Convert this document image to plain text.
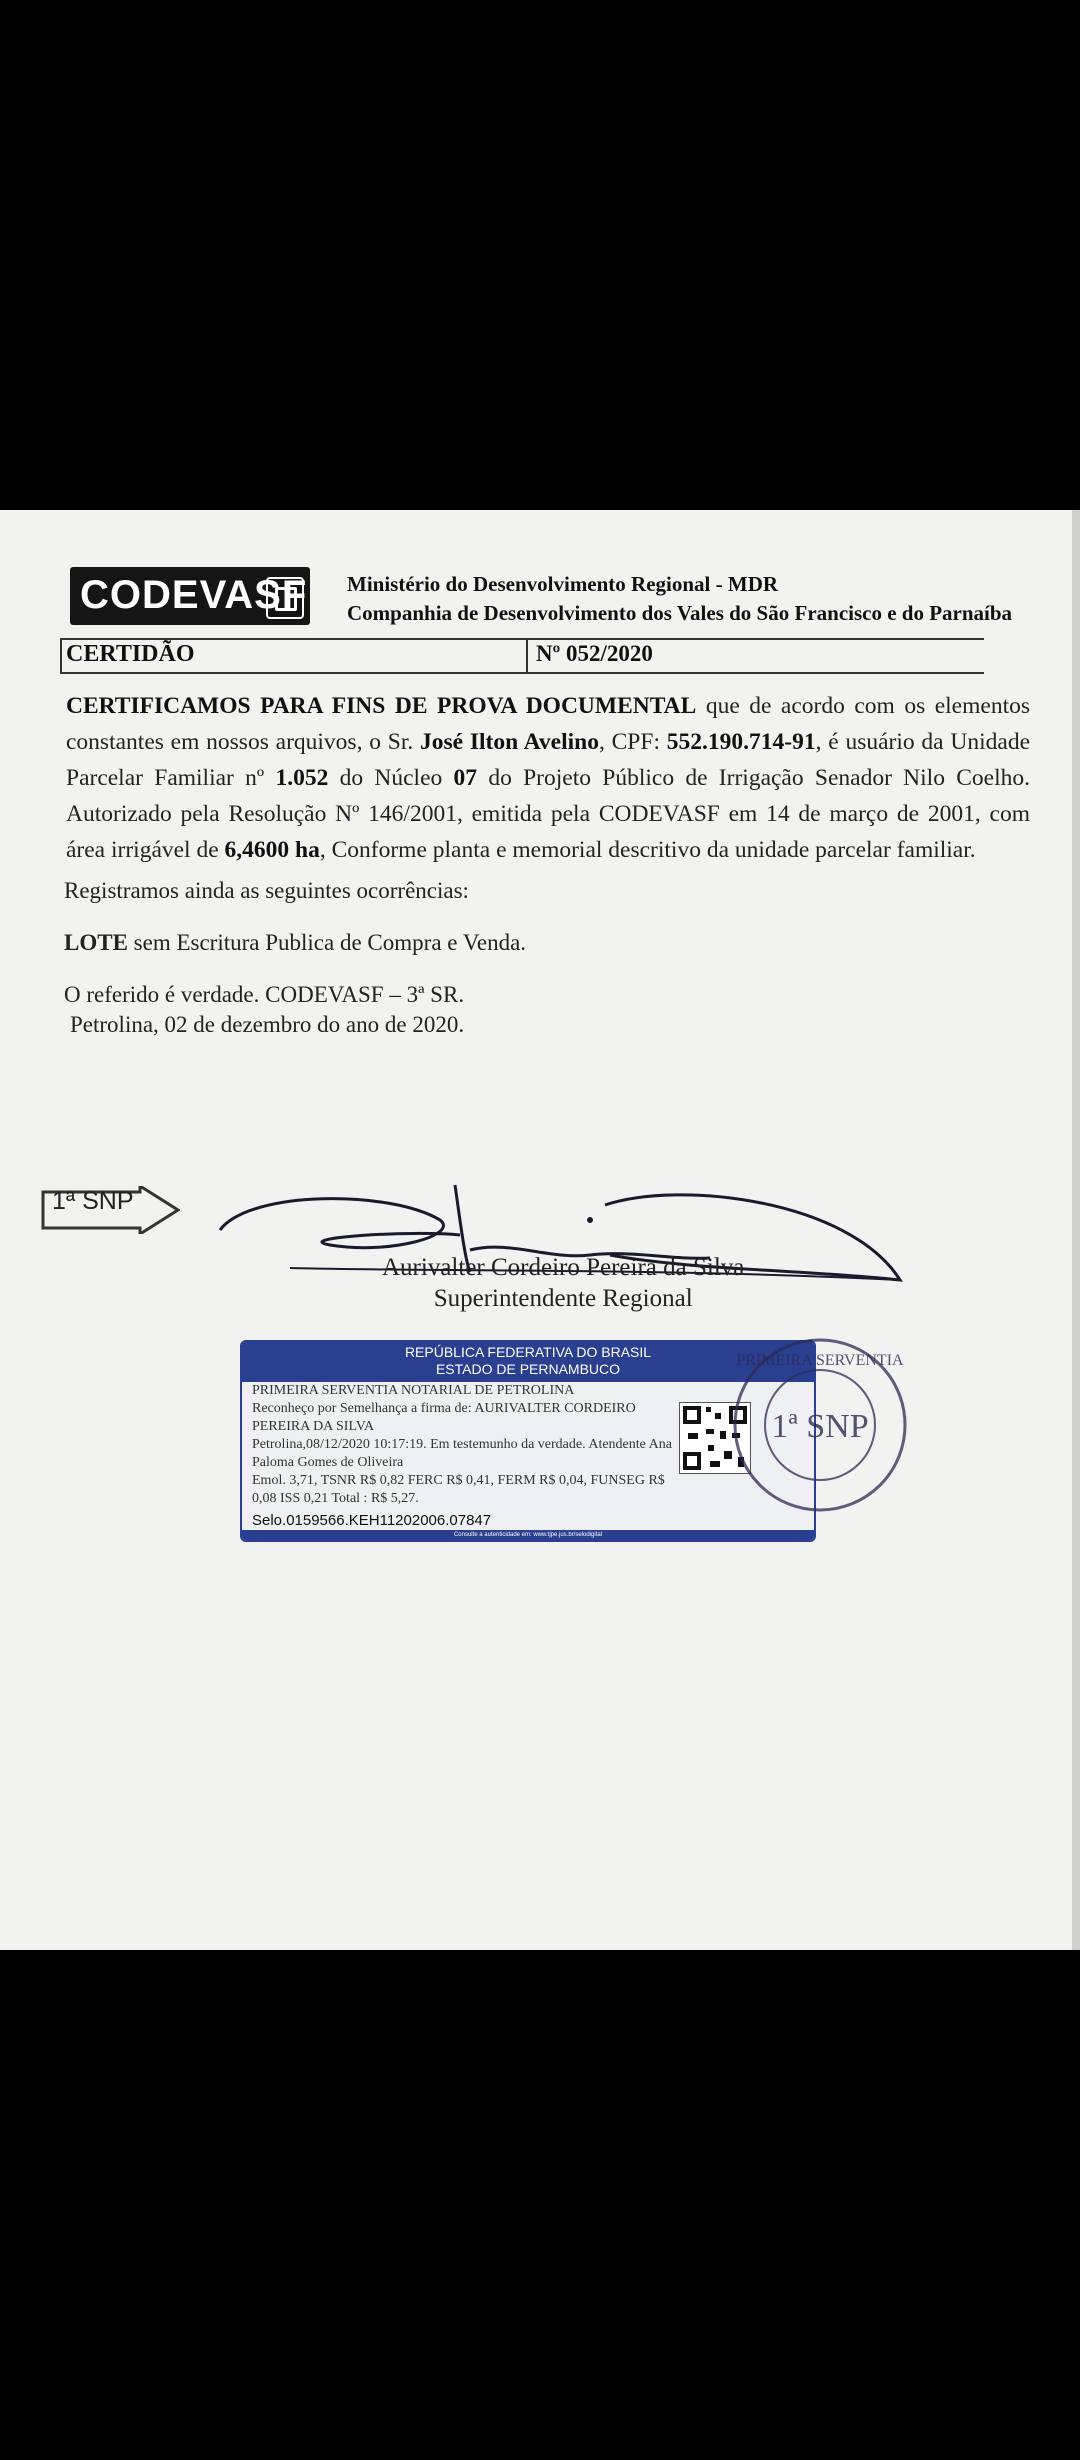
CODEVASF Ministério do Desenvolvimento Regional - MDR
Companhia de Desenvolvimento dos Vales do São Francisco e do Parnaíba
CERTIDÃO	Nº 052/2020
CERTIFICAMOS PARA FINS DE PROVA DOCUMENTAL que de acordo com os elementos constantes em nossos arquivos, o Sr. José Ilton Avelino, CPF: 552.190.714-91, é usuário da Unidade Parcelar Familiar nº 1.052 do Núcleo 07 do Projeto Público de Irrigação Senador Nilo Coelho. Autorizado pela Resolução Nº 146/2001, emitida pela CODEVASF em 14 de março de 2001, com área irrigável de 6,4600 ha, Conforme planta e memorial descritivo da unidade parcelar familiar.
Registramos ainda as seguintes ocorrências:
LOTE sem Escritura Publica de Compra e Venda.
O referido é verdade. CODEVASF – 3ª SR.
Petrolina, 02 de dezembro do ano de 2020.
1ª SNP
Aurivalter Cordeiro Pereira da Silva
Superintendente Regional
REPÚBLICA FEDERATIVA DO BRASIL
ESTADO DE PERNAMBUCO
PRIMEIRA SERVENTIA NOTARIAL DE PETROLINA
Reconheço por Semelhança a firma de: AURIVALTER CORDEIRO PEREIRA DA SILVA
Petrolina,08/12/2020 10:17:19. Em testemunho da verdade. Atendente Ana Paloma Gomes de Oliveira
Emol. 3,71, TSNR R$ 0,82 FERC R$ 0,41, FERM R$ 0,04, FUNSEG R$ 0,08 ISS 0,21 Total : R$ 5,27.
Selo.0159566.KEH11202006.07847
Consulte a autenticidade em: www.tjpe.jus.br/selodigital
PRIMEIRA SERVENTIA
1ª SNP
